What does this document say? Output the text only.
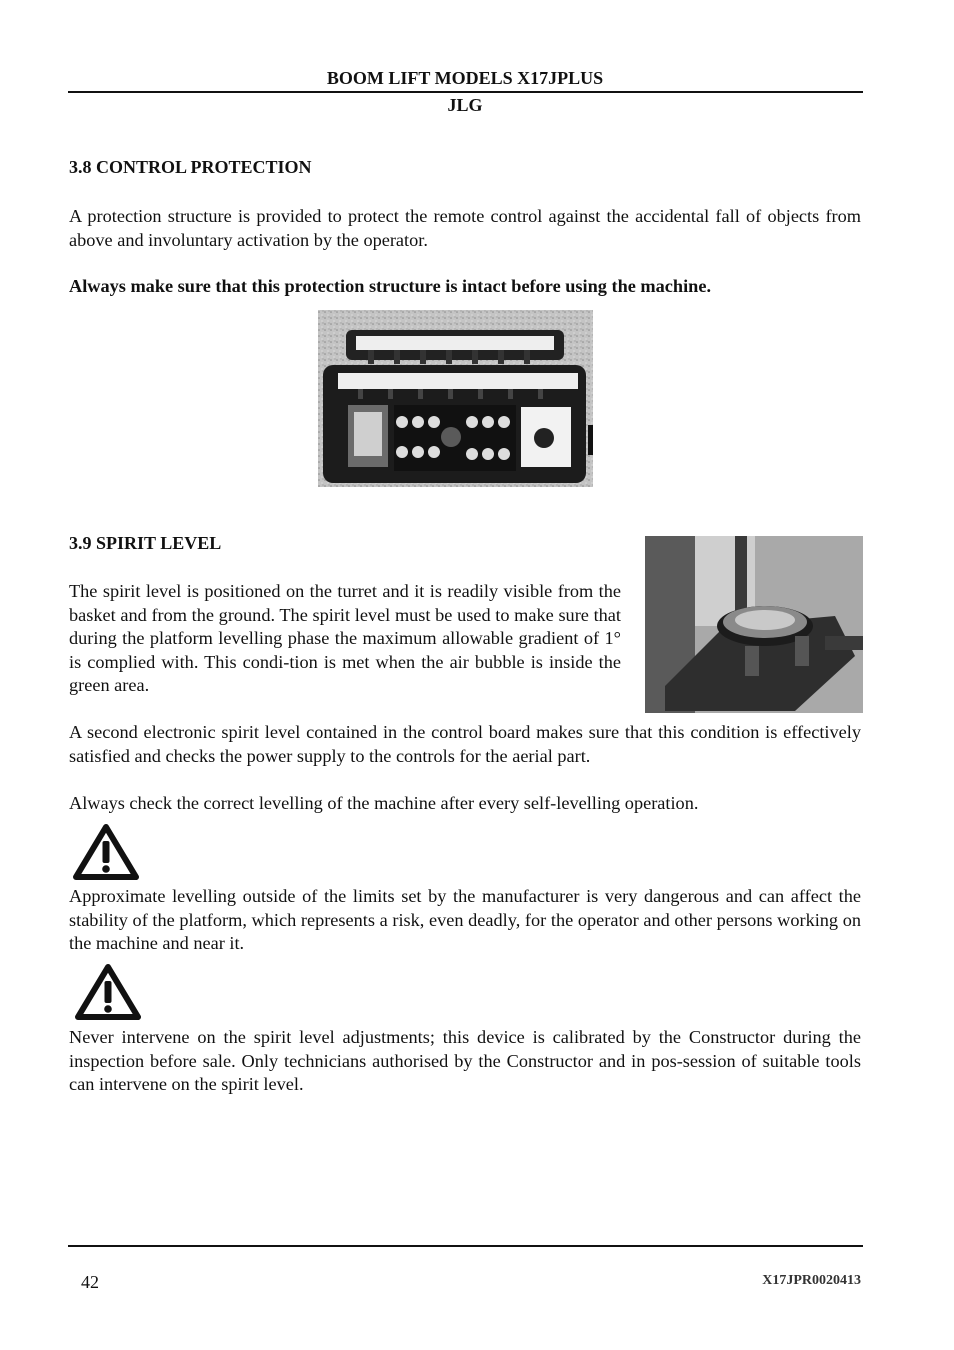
BOOM LIFT MODELS X17JPLUS
JLG
3.8 CONTROL PROTECTION
A protection structure is provided to protect the remote control against the accidental fall of objects from above and involuntary activation by the operator.
Always make sure that this protection structure is intact before using the machine.
3.9 SPIRIT LEVEL
The spirit level is positioned on the turret and it is readily visible from the basket and from the ground. The spirit level must be used to make sure that during the platform levelling phase the maximum allowable gradient of 1° is complied with. This condi-tion is met when the air bubble is inside the green area.
A second electronic spirit level contained in the control board makes sure that this condition is effectively satisfied and checks the power supply to the controls for the aerial part.
Always check the correct levelling of the machine after every self-levelling operation.
Approximate levelling outside of the limits set by the manufacturer is very dangerous and can affect the stability of the platform, which represents a risk, even deadly, for the operator and other persons working on the machine and near it.
Never intervene on the spirit level adjustments; this device is calibrated by the Constructor during the inspection before sale. Only technicians authorised by the Constructor and in pos-session of suitable tools can intervene on the spirit level.
42	X17JPR0020413
